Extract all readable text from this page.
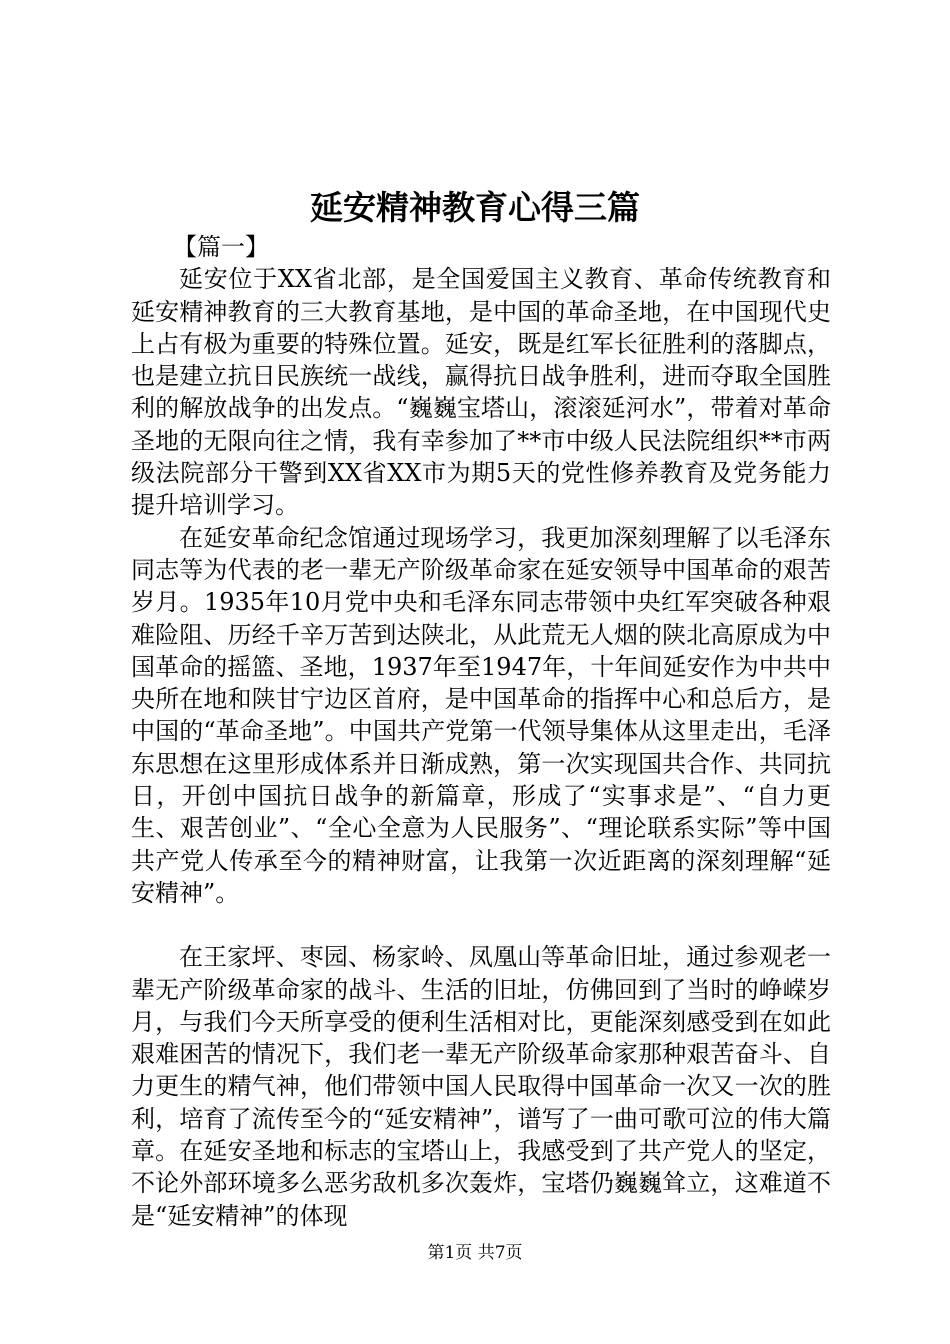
延安精神教育心得三篇

【篇一】

延安位于XX省北部，是全国爱国主义教育、革命传统教育和延安精神教育的三大教育基地，是中国的革命圣地，在中国现代史上占有极为重要的特殊位置。延安，既是红军长征胜利的落脚点，也是建立抗日民族统一战线，赢得抗日战争胜利，进而夺取全国胜利的解放战争的出发点。“巍巍宝塔山，滚滚延河水”，带着对革命圣地的无限向往之情，我有幸参加了**市中级人民法院组织**市两级法院部分干警到XX省XX市为期5天的党性修养教育及党务能力提升培训学习。

在延安革命纪念馆通过现场学习，我更加深刻理解了以毛泽东同志等为代表的老一辈无产阶级革命家在延安领导中国革命的艰苦岁月。1935年10月党中央和毛泽东同志带领中央红军突破各种艰难险阻、历经千辛万苦到达陕北，从此荒无人烟的陕北高原成为中国革命的摇篮、圣地，1937年至1947年，十年间延安作为中共中央所在地和陕甘宁边区首府，是中国革命的指挥中心和总后方，是中国的“革命圣地”。中国共产党第一代领导集体从这里走出，毛泽东思想在这里形成体系并日渐成熟，第一次实现国共合作、共同抗日，开创中国抗日战争的新篇章，形成了“实事求是”、“自力更生、艰苦创业”、“全心全意为人民服务”、“理论联系实际”等中国共产党人传承至今的精神财富，让我第一次近距离的深刻理解“延安精神”。

在王家坪、枣园、杨家岭、凤凰山等革命旧址，通过参观老一辈无产阶级革命家的战斗、生活的旧址，仿佛回到了当时的峥嵘岁月，与我们今天所享受的便利生活相对比，更能深刻感受到在如此艰难困苦的情况下，我们老一辈无产阶级革命家那种艰苦奋斗、自力更生的精气神，他们带领中国人民取得中国革命一次又一次的胜利，培育了流传至今的“延安精神”，谱写了一曲可歌可泣的伟大篇章。在延安圣地和标志的宝塔山上，我感受到了共产党人的坚定，不论外部环境多么恶劣敌机多次轰炸，宝塔仍巍巍耸立，这难道不是“延安精神”的体现

第1页 共7页
